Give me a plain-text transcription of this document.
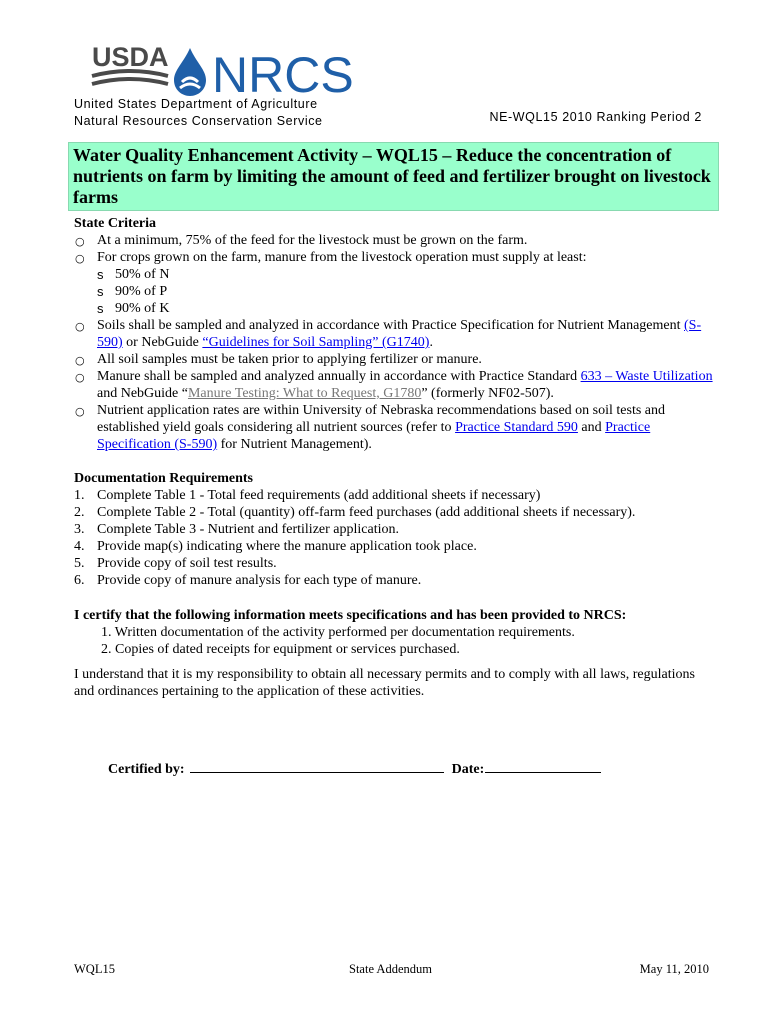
USDA NRCS
United States Department of Agriculture
Natural Resources Conservation Service	NE-WQL15 2010 Ranking Period 2
Water Quality Enhancement Activity – WQL15 – Reduce the concentration of nutrients on farm by limiting the amount of feed and fertilizer brought on livestock farms
State Criteria
○ At a minimum, 75% of the feed for the livestock must be grown on the farm.
○ For crops grown on the farm, manure from the livestock operation must supply at least:
s 50% of N
s 90% of P
s 90% of K
○ Soils shall be sampled and analyzed in accordance with Practice Specification for Nutrient Management (S-590) or NebGuide “Guidelines for Soil Sampling” (G1740).
○ All soil samples must be taken prior to applying fertilizer or manure.
○ Manure shall be sampled and analyzed annually in accordance with Practice Standard 633 – Waste Utilization and NebGuide “Manure Testing: What to Request, G1780” (formerly NF02-507).
○ Nutrient application rates are within University of Nebraska recommendations based on soil tests and established yield goals considering all nutrient sources (refer to Practice Standard 590 and Practice Specification (S-590) for Nutrient Management).
Documentation Requirements
1. Complete Table 1 - Total feed requirements (add additional sheets if necessary)
2. Complete Table 2 - Total (quantity) off-farm feed purchases (add additional sheets if necessary).
3. Complete Table 3 - Nutrient and fertilizer application.
4. Provide map(s) indicating where the manure application took place.
5. Provide copy of soil test results.
6. Provide copy of manure analysis for each type of manure.
I certify that the following information meets specifications and has been provided to NRCS:
1. Written documentation of the activity performed per documentation requirements.
2. Copies of dated receipts for equipment or services purchased.
I understand that it is my responsibility to obtain all necessary permits and to comply with all laws, regulations and ordinances pertaining to the application of these activities.
Certified by:	Date:
WQL15	State Addendum	May 11, 2010
